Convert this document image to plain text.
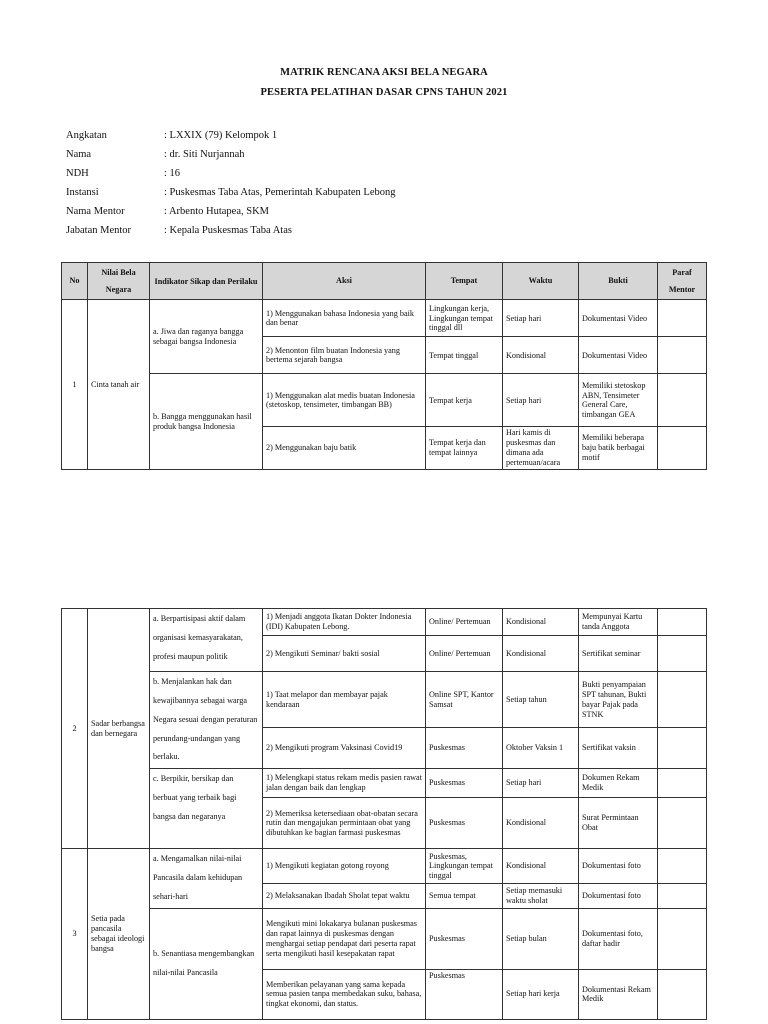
MATRIK RENCANA AKSI BELA NEGARA
PESERTA PELATIHAN DASAR CPNS TAHUN 2021
Angkatan	: LXXIX (79) Kelompok 1
Nama	: dr. Siti Nurjannah
NDH	: 16
Instansi	: Puskesmas Taba Atas, Pemerintah Kabupaten Lebong
Nama Mentor	: Arbento Hutapea, SKM
Jabatan Mentor	: Kepala Puskesmas Taba Atas
No	Nilai Bela Negara	Indikator Sikap dan Perilaku	Aksi	Tempat	Waktu	Bukti	Paraf Mentor
1	Cinta tanah air	a. Jiwa dan raganya bangga sebagai bangsa Indonesia	1) Menggunakan bahasa Indonesia yang baik dan benar	Lingkungan kerja, Lingkungan tempat tinggal dll	Setiap hari	Dokumentasi Video	
			2) Menonton film buatan Indonesia yang bertema sejarah bangsa	Tempat tinggal	Kondisional	Dokumentasi Video	
		b. Bangga menggunakan hasil produk bangsa Indonesia	1) Menggunakan alat medis buatan Indonesia (stetoskop, tensimeter, timbangan BB)	Tempat kerja	Setiap hari	Memiliki stetoskop ABN, Tensimeter General Care, timbangan GEA	
			2) Menggunakan baju batik	Tempat kerja dan tempat lainnya	Hari kamis di puskesmas dan dimana ada pertemuan/acara	Memiliki beberapa baju batik berbagai motif	
2	Sadar berbangsa dan bernegara	a. Berpartisipasi aktif dalam organisasi kemasyarakatan, profesi maupun politik	1) Menjadi anggota Ikatan Dokter Indonesia (IDI) Kabupaten Lebong.	Online/ Pertemuan	Kondisional	Mempunyai Kartu tanda Anggota	
			2) Mengikuti Seminar/ bakti sosial	Online/ Pertemuan	Kondisional	Sertifikat seminar	
		b. Menjalankan hak dan kewajibannya sebagai warga Negara sesuai dengan peraturan perundang-undangan yang berlaku.	1) Taat melapor dan membayar pajak kendaraan	Online SPT, Kantor Samsat	Setiap tahun	Bukti penyampaian SPT tahunan, Bukti bayar Pajak pada STNK	
			2) Mengikuti program Vaksinasi Covid19	Puskesmas	Oktober Vaksin 1	Sertifikat vaksin	
		c. Berpikir, bersikap dan berbuat yang terbaik bagi bangsa dan negaranya	1) Melengkapi status rekam medis pasien rawat jalan dengan baik dan lengkap	Puskesmas	Setiap hari	Dokumen Rekam Medik	
			2) Memeriksa ketersediaan obat-obatan secara rutin dan mengajukan permintaan obat yang dibutuhkan ke bagian farmasi puskesmas	Puskesmas	Kondisional	Surat Permintaan Obat	
3	Setia pada pancasila sebagai ideologi bangsa	a. Mengamalkan nilai-nilai Pancasila dalam kehidupan sehari-hari	1) Mengikuti kegiatan gotong royong	Puskesmas, Lingkungan tempat tinggal	Kondisional	Dokumentasi foto	
			2) Melaksanakan Ibadah Sholat tepat waktu	Semua tempat	Setiap memasuki waktu sholat	Dokumentasi foto	
		b. Senantiasa mengembangkan nilai-nilai Pancasila	Mengikuti mini lokakarya bulanan puskesmas dan rapat lainnya di puskesmas dengan menghargai setiap pendapat dari peserta rapat serta mengikuti hasil kesepakatan rapat	Puskesmas	Setiap bulan	Dokumentasi foto, daftar hadir	
			Memberikan pelayanan yang sama kepada semua pasien tanpa membedakan suku, bahasa, tingkat ekonomi, dan status.	Puskesmas	Setiap hari kerja	Dokumentasi Rekam Medik	
